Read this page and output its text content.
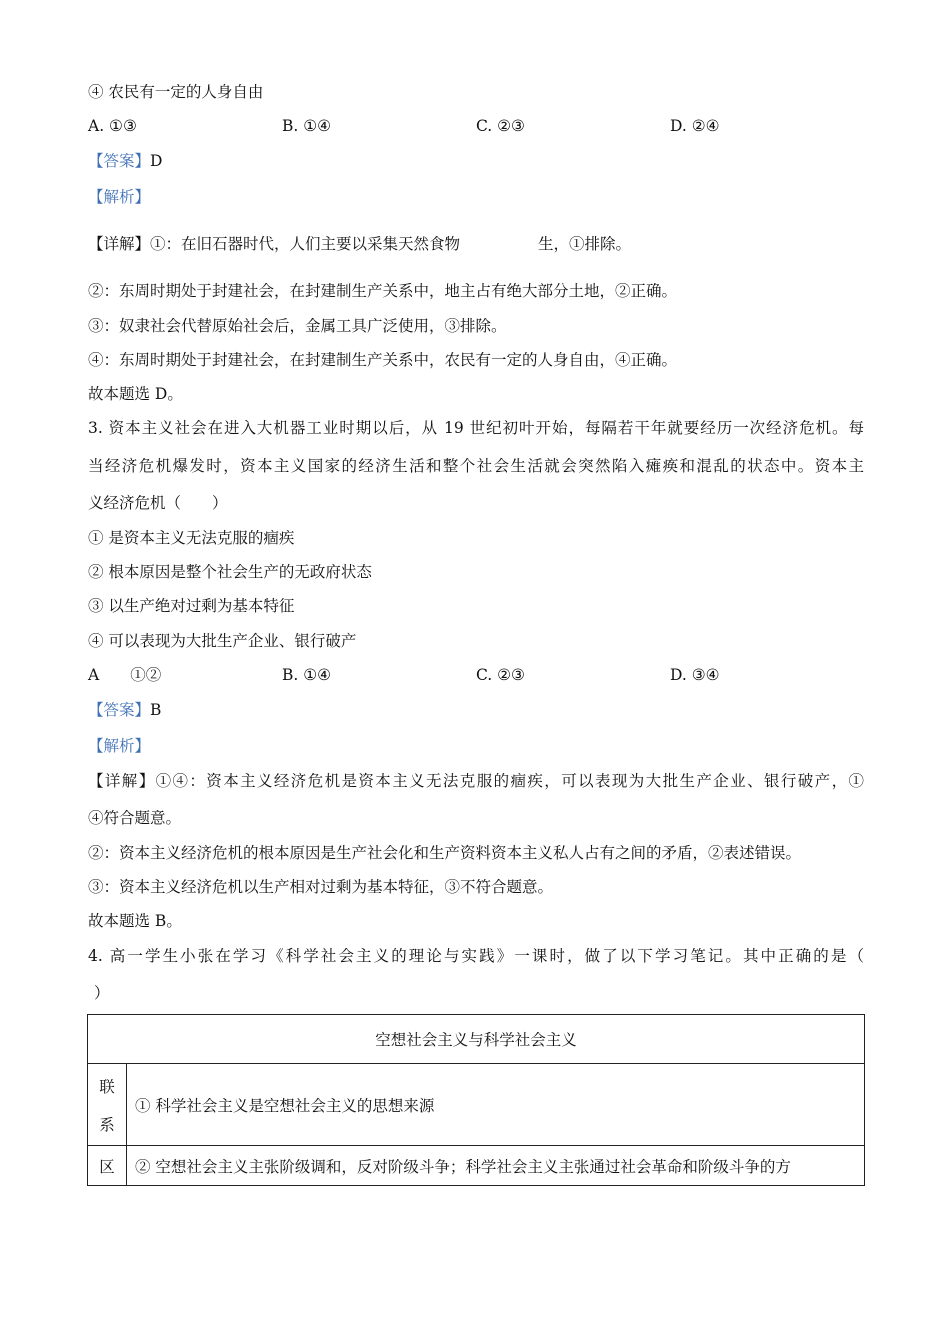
④ 农民有一定的人身自由
A. ①③	B. ①④	C. ②③	D. ②④
【答案】D
【解析】
【详解】①：在旧石器时代，人们主要以采集天然食物	生，①排除。
②：东周时期处于封建社会，在封建制生产关系中，地主占有绝大部分土地，②正确。
③：奴隶社会代替原始社会后，金属工具广泛使用，③排除。
④：东周时期处于封建社会，在封建制生产关系中，农民有一定的人身自由，④正确。
故本题选 D。
3. 资本主义社会在进入大机器工业时期以后，从 19 世纪初叶开始，每隔若干年就要经历一次经济危机。每
当经济危机爆发时，资本主义国家的经济生活和整个社会生活就会突然陷入瘫痪和混乱的状态中。资本主
义经济危机（　　）
① 是资本主义无法克服的痼疾
② 根本原因是整个社会生产的无政府状态
③ 以生产绝对过剩为基本特征
④ 可以表现为大批生产企业、银行破产
A　　①②	B. ①④	C. ②③	D. ③④
【答案】B
【解析】
【详解】①④：资本主义经济危机是资本主义无法克服的痼疾，可以表现为大批生产企业、银行破产，①
④符合题意。
②：资本主义经济危机的根本原因是生产社会化和生产资料资本主义私人占有之间的矛盾，②表述错误。
③：资本主义经济危机以生产相对过剩为基本特征，③不符合题意。
故本题选 B。
4. 高一学生小张在学习《科学社会主义的理论与实践》一课时，做了以下学习笔记。其中正确的是（
）
空想社会主义与科学社会主义	

联
系	① 科学社会主义是空想社会主义的思想来源
区	② 空想社会主义主张阶级调和，反对阶级斗争；科学社会主义主张通过社会革命和阶级斗争的方
